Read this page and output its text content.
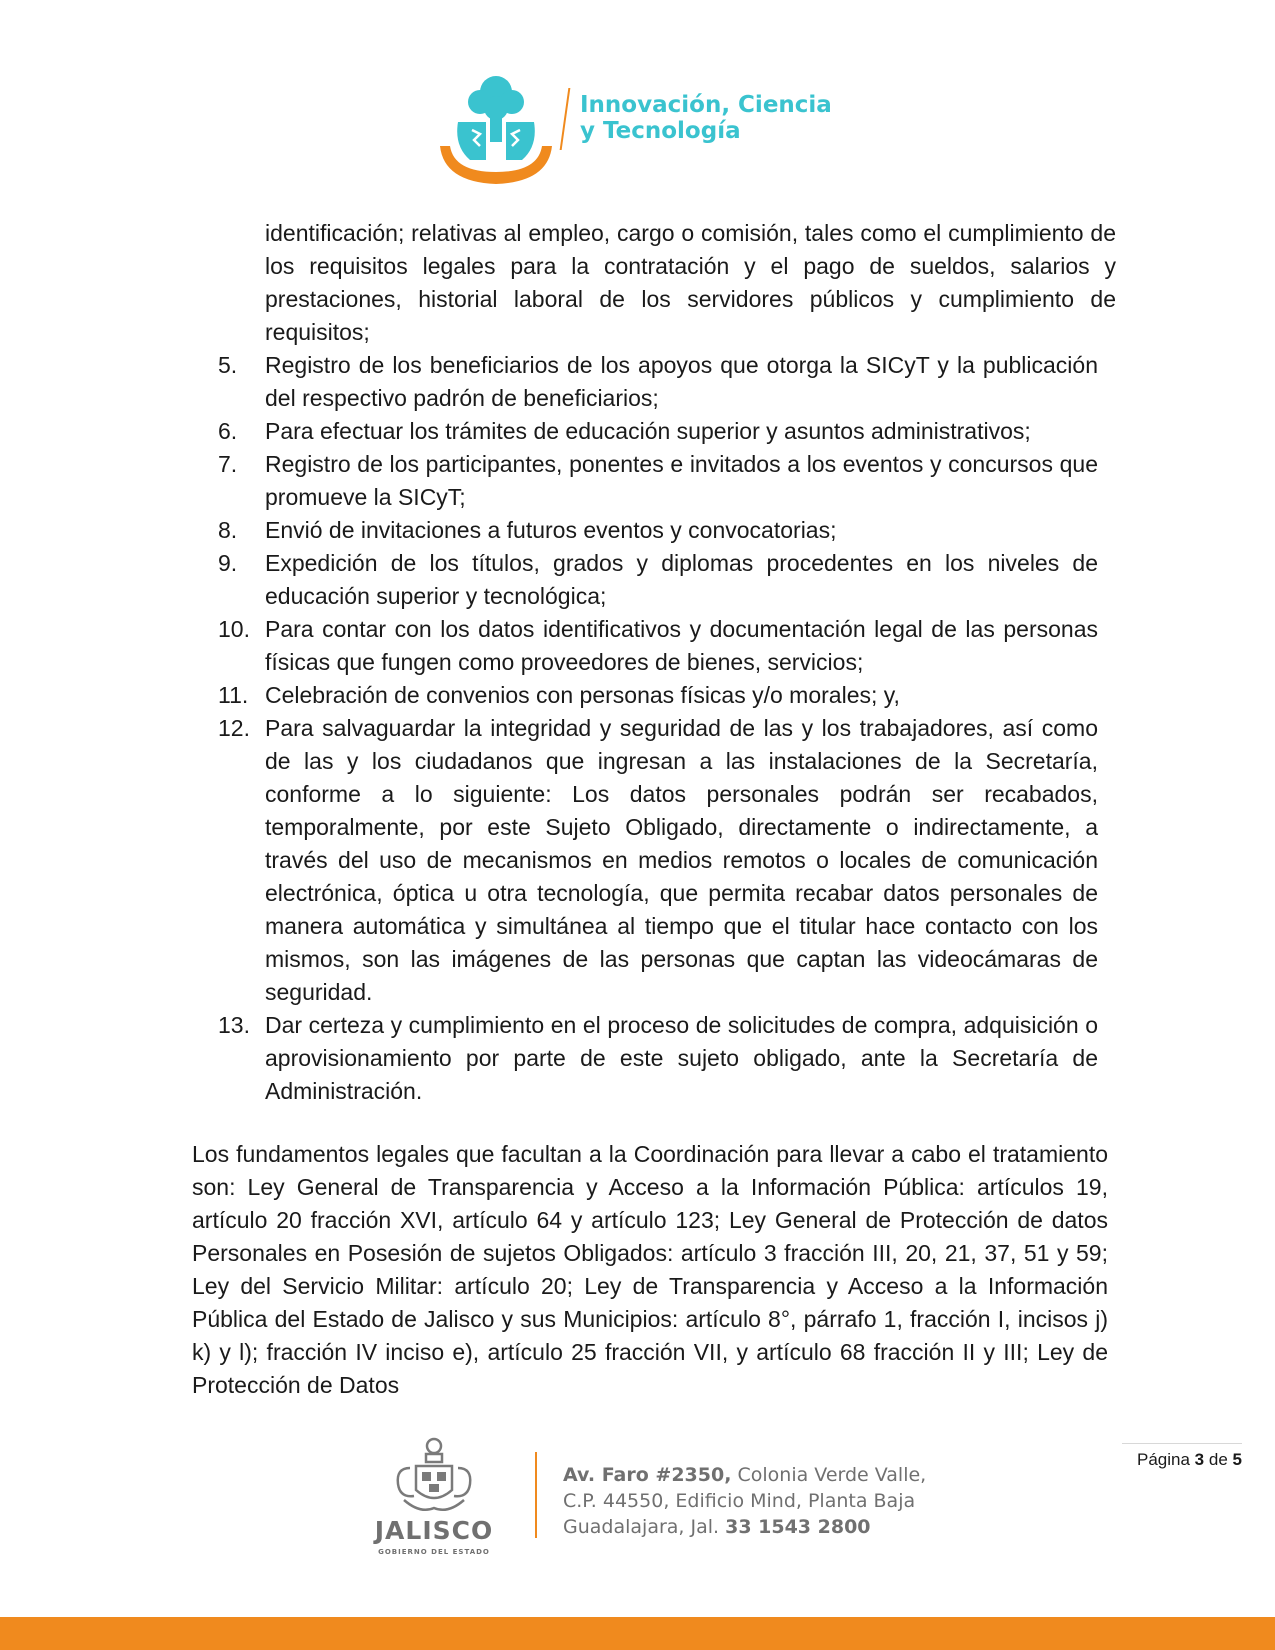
Innovación, Ciencia
y Tecnología

identificación; relativas al empleo, cargo o comisión, tales como el cumplimiento de los requisitos legales para la contratación y el pago de sueldos, salarios y prestaciones, historial laboral de los servidores públicos y cumplimiento de requisitos;

5.	Registro de los beneficiarios de los apoyos que otorga la SICyT y la publicación del respectivo padrón de beneficiarios;
6.	Para efectuar los trámites de educación superior y asuntos administrativos;
7.	Registro de los participantes, ponentes e invitados a los eventos y concursos que promueve la SICyT;
8.	Envió de invitaciones a futuros eventos y convocatorias;
9.	Expedición de los títulos, grados y diplomas procedentes en los niveles de educación superior y tecnológica;
10. Para contar con los datos identificativos y documentación legal de las personas físicas que fungen como proveedores de bienes, servicios;
11. Celebración de convenios con personas físicas y/o morales; y,
12. Para salvaguardar la integridad y seguridad de las y los trabajadores, así como de las y los ciudadanos que ingresan a las instalaciones de la Secretaría, conforme a lo siguiente: Los datos personales podrán ser recabados, temporalmente, por este Sujeto Obligado, directamente o indirectamente, a través del uso de mecanismos en medios remotos o locales de comunicación electrónica, óptica u otra tecnología, que permita recabar datos personales de manera automática y simultánea al tiempo que el titular hace contacto con los mismos, son las imágenes de las personas que captan las videocámaras de seguridad.
13. Dar certeza y cumplimiento en el proceso de solicitudes de compra, adquisición o aprovisionamiento por parte de este sujeto obligado, ante la Secretaría de Administración.

Los fundamentos legales que facultan a la Coordinación para llevar a cabo el tratamiento son: Ley General de Transparencia y Acceso a la Información Pública: artículos 19, artículo 20 fracción XVI, artículo 64 y artículo 123; Ley General de Protección de datos Personales en Posesión de sujetos Obligados: artículo 3 fracción III, 20, 21, 37, 51 y 59; Ley del Servicio Militar: artículo 20; Ley de Transparencia y Acceso a la Información Pública del Estado de Jalisco y sus Municipios: artículo 8°, párrafo 1, fracción I, incisos j) k) y l); fracción IV inciso e), artículo 25 fracción VII, y artículo 68 fracción II y III; Ley de Protección de Datos

Página 3 de 5
JALISCO
GOBIERNO DEL ESTADO
Av. Faro #2350, Colonia Verde Valle,
C.P. 44550, Edificio Mind, Planta Baja
Guadalajara, Jal. 33 1543 2800
